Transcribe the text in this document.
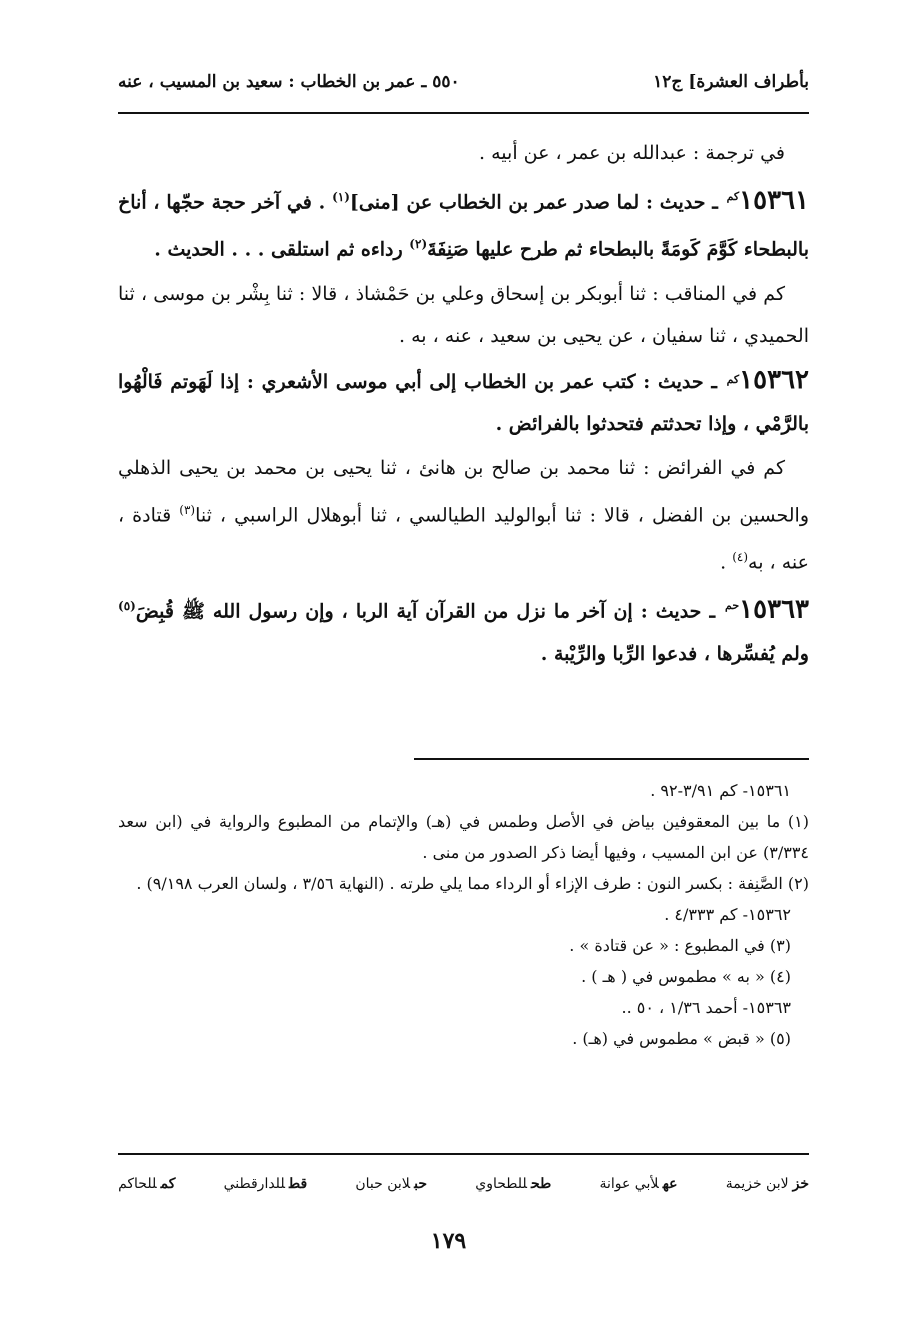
بأطراف العشرة] ج١٢
٥٥٠ ـ عمر بن الخطاب : سعيد بن المسيب ، عنه

في ترجمة : عبدالله بن عمر ، عن أبيه .

$١٥٣٦١^{كم}$ ـ حديث : لما صدر عمر بن الخطاب عن [منى]$^{(١)}$ . في آخر حجة حجّها ، أناخ بالبطحاء كَوَّمَ كَومَةً بالبطحاء ثم طرح عليها صَنِفَةَ$^{(٢)}$ رداءه ثم استلقى . . . الحديث .

كم في المناقب : ثنا أبوبكر بن إسحاق وعلي بن حَمْشاذ ، قالا : ثنا بِشْر بن موسى ، ثنا الحميدي ، ثنا سفيان ، عن يحيى بن سعيد ، عنه ، به .

$١٥٣٦٢^{كم}$ ـ حديث : كتب عمر بن الخطاب إلى أبي موسى الأشعري : إذا لَهَوتم فَالْهُوا بالرَّمْي ، وإذا تحدثتم فتحدثوا بالفرائض .

كم في الفرائض : ثنا محمد بن صالح بن هانئ ، ثنا يحيى بن محمد بن يحيى الذهلي والحسين بن الفضل ، قالا : ثنا أبوالوليد الطيالسي ، ثنا أبوهلال الراسبي ، ثنا$^{(٣)}$ قتادة ، عنه ، به$^{(٤)}$ .

$١٥٣٦٣^{حم}$ ـ حديث : إن آخر ما نزل من القرآن آية الربا ، وإن رسول الله ﷺ قُبِضَ$^{(٥)}$ ولم يُفسِّرها ، فدعوا الرِّبا والرِّيْبة .

١٥٣٦١- كم ٣/٩١-٩٢ .

(١) ما بين المعقوفين بياض في الأصل وطمس في (هـ) والإتمام من المطبوع والرواية في (ابن سعد ٣/٣٣٤) عن ابن المسيب ، وفيها أيضا ذكر الصدور من منى .

(٢) الصَّنِفة : بكسر النون : طرف الإزاء أو الرداء مما يلي طرته . (النهاية ٣/٥٦ ، ولسان العرب ٩/١٩٨) .

١٥٣٦٢- كم ٤/٣٣٣ .

(٣) في المطبوع : « عن قتادة » .

(٤) « به » مطموس في ( هـ ) .

١٥٣٦٣- أحمد ١/٣٦ ، ٥٠ ..

(٥) « قبض » مطموس في (هـ) .

خزلابن خزيمة
عهلأبي عوانة
طحللطحاوي
حبلابن حبان
قطللدارقطني
كمللحاكم
١٧٩
